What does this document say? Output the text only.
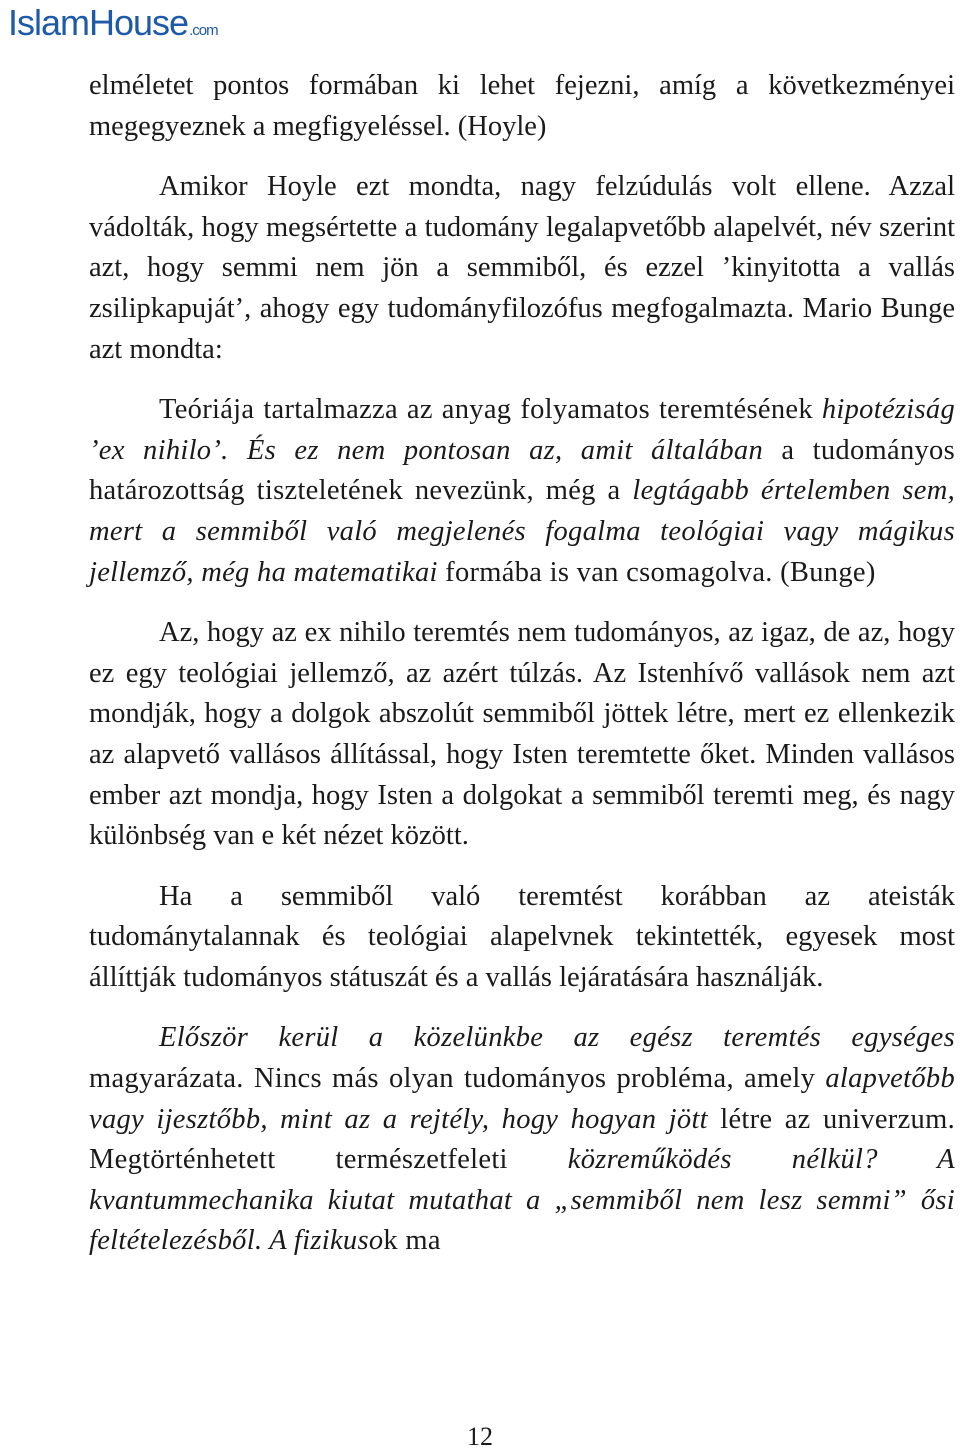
IslamHouse .com

elméletet pontos formában ki lehet fejezni, amíg a következményei megegyeznek a megfigyeléssel. (Hoyle)

Amikor Hoyle ezt mondta, nagy felzúdulás volt ellene. Azzal vádolták, hogy megsértette a tudomány legalapvetőbb alapelvét, név szerint azt, hogy semmi nem jön a semmiből, és ezzel ’kinyitotta a vallás zsilipkapuját’, ahogy egy tudományfilozófus megfogalmazta. Mario Bunge azt mondta:

Teóriája tartalmazza az anyag folyamatos teremtésének hipotéziság ’ex nihilo’. És ez nem pontosan az, amit általában a tudományos határozottság tiszteletének nevezünk, még a legtágabb értelemben sem, mert a semmiből való megjelenés fogalma teológiai vagy mágikus jellemző, még ha matematikai formába is van csomagolva. (Bunge)

Az, hogy az ex nihilo teremtés nem tudományos, az igaz, de az, hogy ez egy teológiai jellemző, az azért túlzás. Az Istenhívő vallások nem azt mondják, hogy a dolgok abszolút semmiből jöttek létre, mert ez ellenkezik az alapvető vallásos állítással, hogy Isten teremtette őket. Minden vallásos ember azt mondja, hogy Isten a dolgokat a semmiből teremti meg, és nagy különbség van e két nézet között.

Ha a semmiből való teremtést korábban az ateisták tudománytalannak és teológiai alapelvnek tekintették, egyesek most állíttják tudományos státuszát és a vallás lejáratására használják.

Először kerül a közelünkbe az egész teremtés egységes magyarázata. Nincs más olyan tudományos probléma, amely alapvetőbb vagy ijesztőbb, mint az a rejtély, hogy hogyan jött létre az univerzum. Megtörténhetett természetfeleti közreműködés nélkül? A kvantummechanika kiutat mutathat a „semmiből nem lesz semmi” ősi feltételezésből. A fizikusok ma

12
